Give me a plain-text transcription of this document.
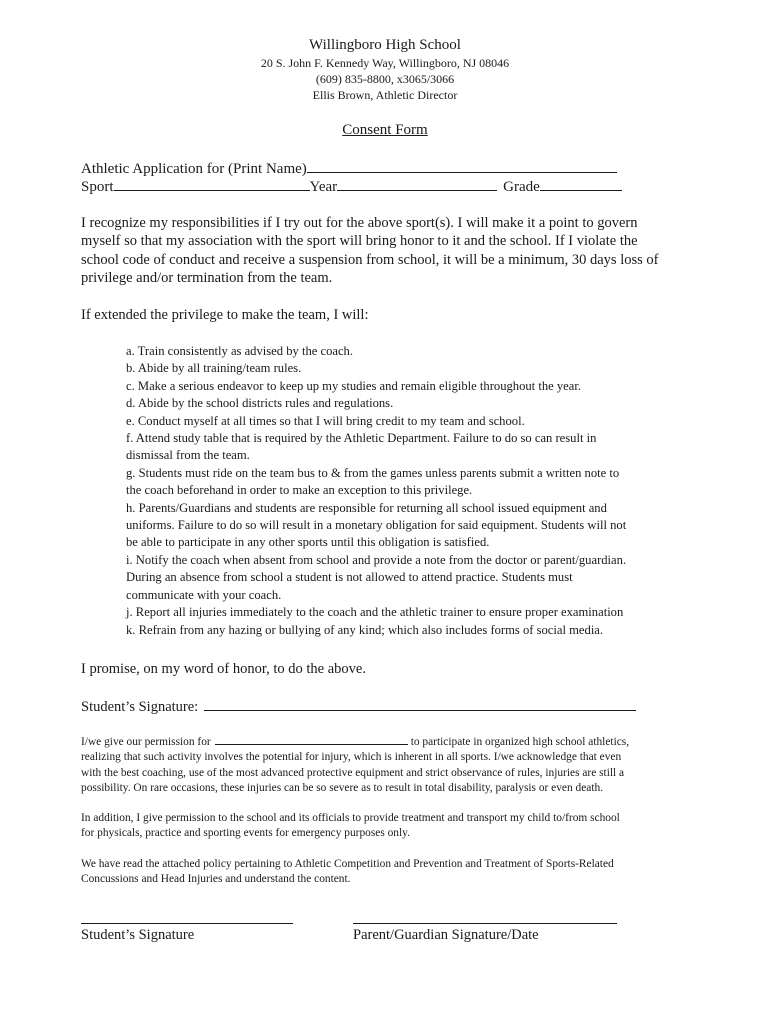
Willingboro High School
20 S. John F. Kennedy Way, Willingboro, NJ 08046
(609) 835-8800, x3065/3066
Ellis Brown, Athletic Director
Consent Form
Athletic Application for (Print Name)
Sport	Year	Grade
I recognize my responsibilities if I try out for the above sport(s). I will make it a point to govern
myself so that my association with the sport will bring honor to it and the school. If I violate the
school code of conduct and receive a suspension from school, it will be a minimum, 30 days loss of
privilege and/or termination from the team.
If extended the privilege to make the team, I will:
a. Train consistently as advised by the coach.
b. Abide by all training/team rules.
c. Make a serious endeavor to keep up my studies and remain eligible throughout the year.
d. Abide by the school districts rules and regulations.
e. Conduct myself at all times so that I will bring credit to my team and school.
f. Attend study table that is required by the Athletic Department. Failure to do so can result in
dismissal from the team.
g. Students must ride on the team bus to & from the games unless parents submit a written note to
the coach beforehand in order to make an exception to this privilege.
h. Parents/Guardians and students are responsible for returning all school issued equipment and
uniforms. Failure to do so will result in a monetary obligation for said equipment. Students will not
be able to participate in any other sports until this obligation is satisfied.
i. Notify the coach when absent from school and provide a note from the doctor or parent/guardian.
During an absence from school a student is not allowed to attend practice. Students must
communicate with your coach.
j. Report all injuries immediately to the coach and the athletic trainer to ensure proper examination
k. Refrain from any hazing or bullying of any kind; which also includes forms of social media.
I promise, on my word of honor, to do the above.
Student’s Signature:
I/we give our permission for	to participate in organized high school athletics,
realizing that such activity involves the potential for injury, which is inherent in all sports. I/we acknowledge that even
with the best coaching, use of the most advanced protective equipment and strict observance of rules, injuries are still a
possibility. On rare occasions, these injuries can be so severe as to result in total disability, paralysis or even death.
In addition, I give permission to the school and its officials to provide treatment and transport my child to/from school
for physicals, practice and sporting events for emergency purposes only.
We have read the attached policy pertaining to Athletic Competition and Prevention and Treatment of Sports-Related
Concussions and Head Injuries and understand the content.
Student’s Signature	Parent/Guardian Signature/Date
